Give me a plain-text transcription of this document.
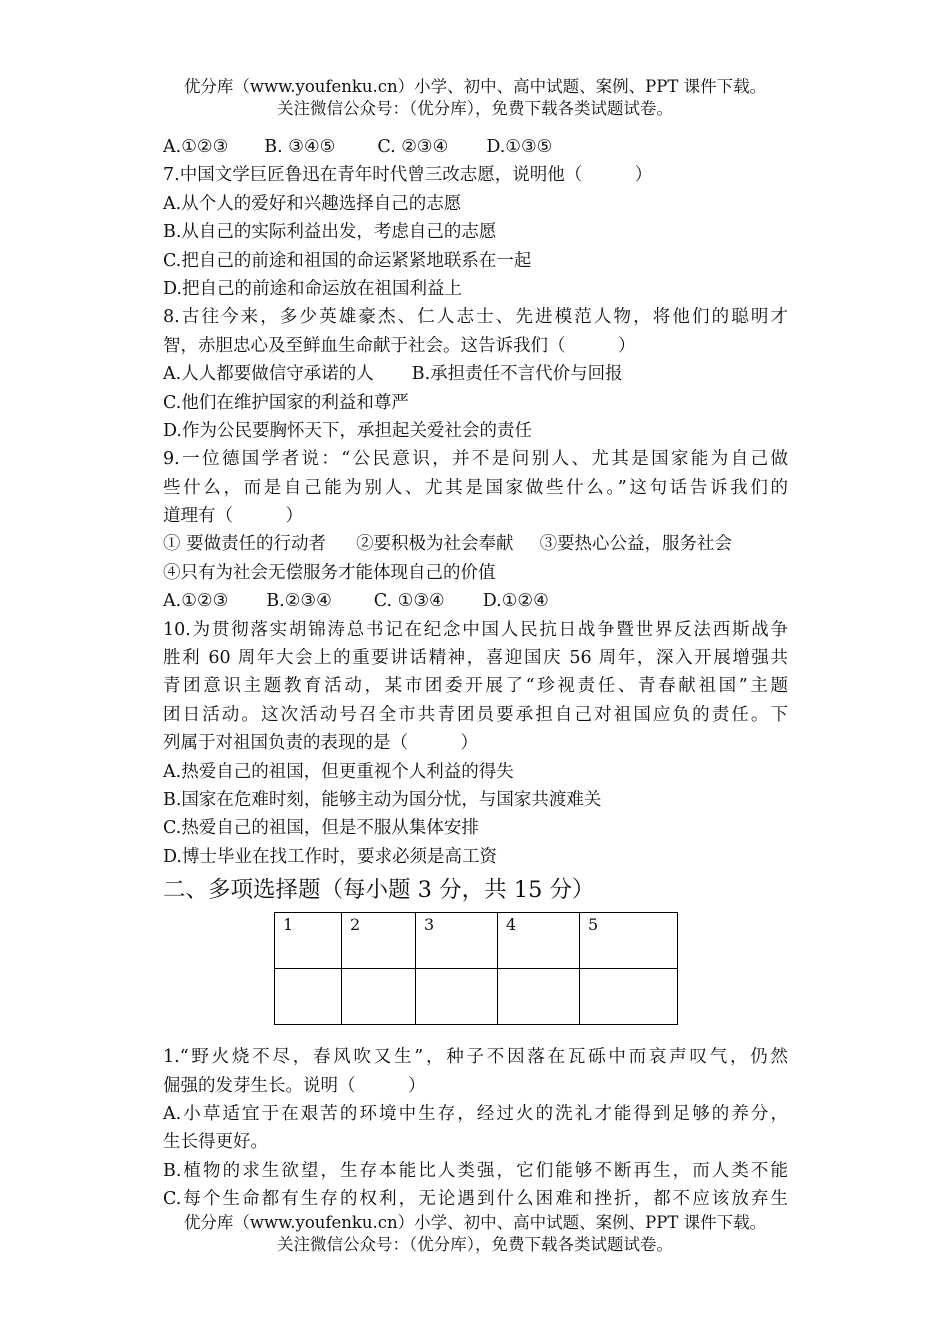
优分库（www.youfenku.cn）小学、初中、高中试题、案例、PPT 课件下载。
关注微信公众号：（优分库），免费下载各类试题试卷。
A.①②③ B. ③④⑤ C. ②③④ D.①③⑤
7.中国文学巨匠鲁迅在青年时代曾三改志愿，说明他（　　　）
A.从个人的爱好和兴趣选择自己的志愿
B.从自己的实际利益出发，考虑自己的志愿
C.把自己的前途和祖国的命运紧紧地联系在一起
D.把自己的前途和命运放在祖国利益上
8.古往今来，多少英雄豪杰、仁人志士、先进模范人物，将他们的聪明才
智，赤胆忠心及至鲜血生命献于社会。这告诉我们（　　　）
A.人人都要做信守承诺的人 B.承担责任不言代价与回报
C.他们在维护国家的利益和尊严
D.作为公民要胸怀天下，承担起关爱社会的责任
9.一位德国学者说：“公民意识，并不是问别人、尤其是国家能为自己做
些什么，而是自己能为别人、尤其是国家做些什么。”这句话告诉我们的
道理有（　　　）
① 要做责任的行动者 ②要积极为社会奉献 ③要热心公益，服务社会
④只有为社会无偿服务才能体现自己的价值
A.①②③ B.②③④ C. ①③④ D.①②④
10.为贯彻落实胡锦涛总书记在纪念中国人民抗日战争暨世界反法西斯战争
胜利 60 周年大会上的重要讲话精神，喜迎国庆 56 周年，深入开展增强共
青团意识主题教育活动，某市团委开展了“珍视责任、青春献祖国”主题
团日活动。这次活动号召全市共青团员要承担自己对祖国应负的责任。下
列属于对祖国负责的表现的是（　　　）
A.热爱自己的祖国，但更重视个人利益的得失
B.国家在危难时刻，能够主动为国分忧，与国家共渡难关
C.热爱自己的祖国，但是不服从集体安排
D.博士毕业在找工作时，要求必须是高工资
二、多项选择题（每小题 3 分，共 15 分）
1	2	3	4	5

1.“野火烧不尽，春风吹又生”，种子不因落在瓦砾中而哀声叹气，仍然
倔强的发芽生长。说明（　　　）
A.小草适宜于在艰苦的环境中生存，经过火的洗礼才能得到足够的养分，
生长得更好。
B.植物的求生欲望，生存本能比人类强，它们能够不断再生，而人类不能
C.每个生命都有生存的权利，无论遇到什么困难和挫折，都不应该放弃生
优分库（www.youfenku.cn）小学、初中、高中试题、案例、PPT 课件下载。
关注微信公众号：（优分库），免费下载各类试题试卷。
